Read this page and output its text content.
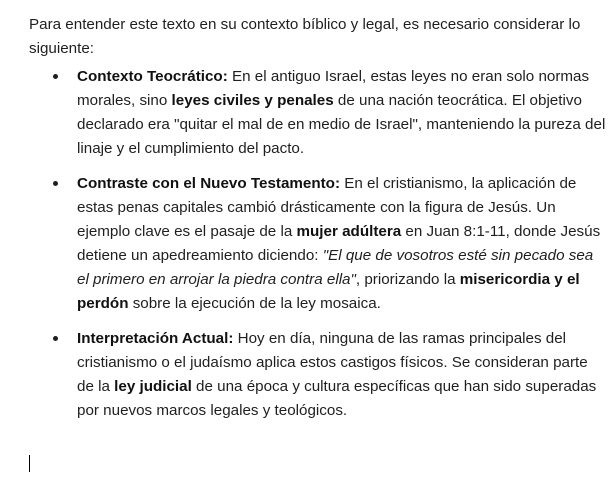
Para entender este texto en su contexto bíblico y legal, es necesario considerar lo siguiente:

Contexto Teocrático: En el antiguo Israel, estas leyes no eran solo normas morales, sino leyes civiles y penales de una nación teocrática. El objetivo declarado era "quitar el mal de en medio de Israel", manteniendo la pureza del linaje y el cumplimiento del pacto.
Contraste con el Nuevo Testamento: En el cristianismo, la aplicación de estas penas capitales cambió drásticamente con la figura de Jesús. Un ejemplo clave es el pasaje de la mujer adúltera en Juan 8:1-11, donde Jesús detiene un apedreamiento diciendo: "El que de vosotros esté sin pecado sea el primero en arrojar la piedra contra ella", priorizando la misericordia y el perdón sobre la ejecución de la ley mosaica.
Interpretación Actual: Hoy en día, ninguna de las ramas principales del cristianismo o el judaísmo aplica estos castigos físicos. Se consideran parte de la ley judicial de una época y cultura específicas que han sido superadas por nuevos marcos legales y teológicos.
